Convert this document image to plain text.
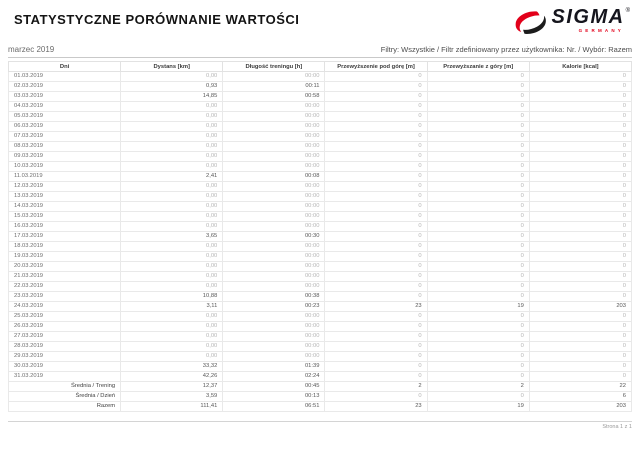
STATYSTYCZNE PORÓWNANIE WARTOŚCI	SIGMA ®
GERMANY
marzec 2019	Filtry: Wszystkie / Filtr zdefiniowany przez użytkownika: Nr. / Wybór: Razem
Dni	Dystans [km]	Długość treningu [h]	Przewyższenie pod górę [m]	Przewyższanie z góry [m]	Kalorie [kcal]
01.03.2019	0,00	00:00	0	0	0
02.03.2019	0,93	00:11	0	0	0
03.03.2019	14,85	00:58	0	0	0
04.03.2019	0,00	00:00	0	0	0
05.03.2019	0,00	00:00	0	0	0
06.03.2019	0,00	00:00	0	0	0
07.03.2019	0,00	00:00	0	0	0
08.03.2019	0,00	00:00	0	0	0
09.03.2019	0,00	00:00	0	0	0
10.03.2019	0,00	00:00	0	0	0
11.03.2019	2,41	00:08	0	0	0
12.03.2019	0,00	00:00	0	0	0
13.03.2019	0,00	00:00	0	0	0
14.03.2019	0,00	00:00	0	0	0
15.03.2019	0,00	00:00	0	0	0
16.03.2019	0,00	00:00	0	0	0
17.03.2019	3,65	00:30	0	0	0
18.03.2019	0,00	00:00	0	0	0
19.03.2019	0,00	00:00	0	0	0
20.03.2019	0,00	00:00	0	0	0
21.03.2019	0,00	00:00	0	0	0
22.03.2019	0,00	00:00	0	0	0
23.03.2019	10,88	00:38	0	0	0
24.03.2019	3,11	00:23	23	19	203
25.03.2019	0,00	00:00	0	0	0
26.03.2019	0,00	00:00	0	0	0
27.03.2019	0,00	00:00	0	0	0
28.03.2019	0,00	00:00	0	0	0
29.03.2019	0,00	00:00	0	0	0
30.03.2019	33,32	01:39	0	0	0
31.03.2019	42,26	02:24	0	0	0
Średnia / Trening	12,37	00:45	2	2	22
Średnia / Dzień	3,59	00:13	0	0	6
Razem	111,41	06:51	23	19	203
Strona 1 z 1
